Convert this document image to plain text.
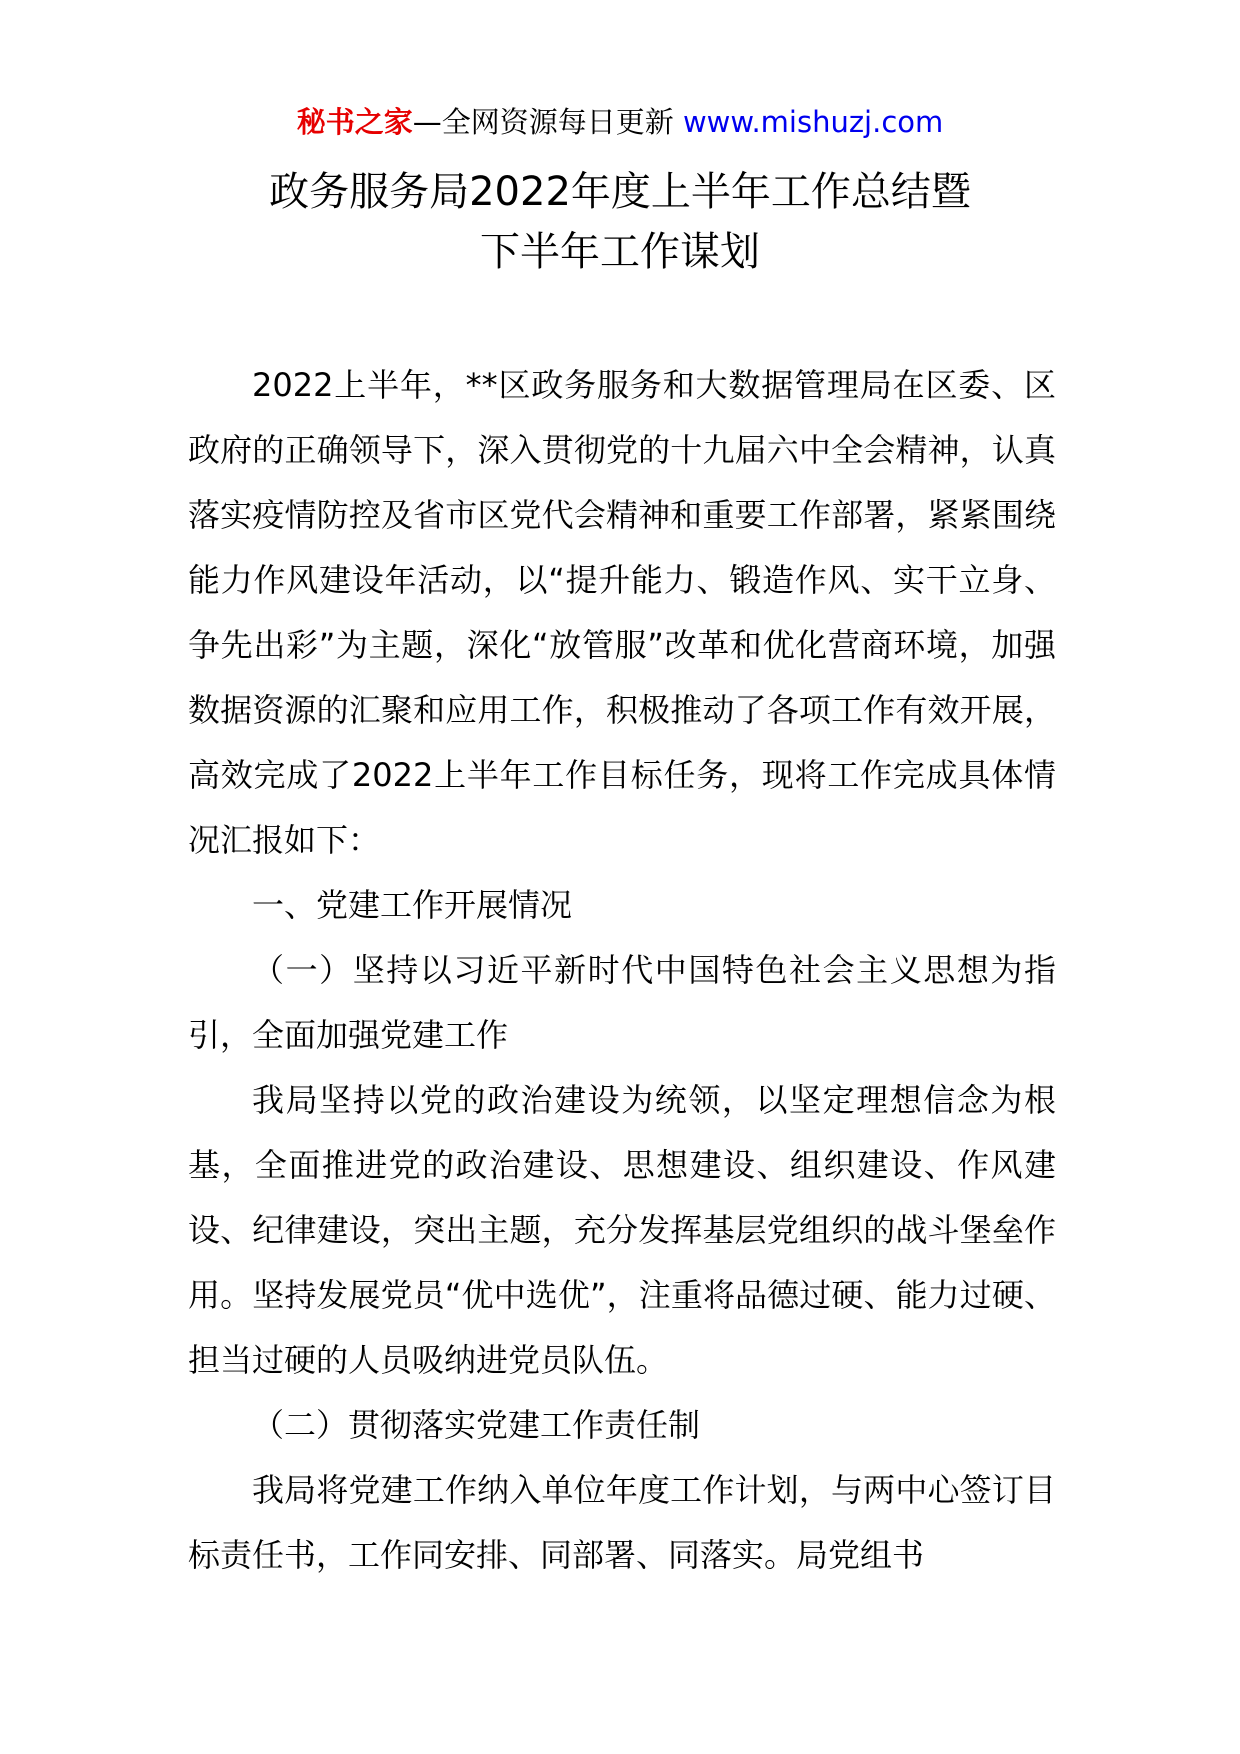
秘书之家—全网资源每日更新 www.mishuzj.com
政务服务局2022年度上半年工作总结暨
下半年工作谋划

2022上半年，**区政务服务和大数据管理局在区委、区政府的正确领导下，深入贯彻党的十九届六中全会精神，认真落实疫情防控及省市区党代会精神和重要工作部署，紧紧围绕能力作风建设年活动，以“提升能力、锻造作风、实干立身、争先出彩”为主题，深化“放管服”改革和优化营商环境，加强数据资源的汇聚和应用工作，积极推动了各项工作有效开展，高效完成了2022上半年工作目标任务，现将工作完成具体情况汇报如下：

一、党建工作开展情况

（一）坚持以习近平新时代中国特色社会主义思想为指引，全面加强党建工作

我局坚持以党的政治建设为统领，以坚定理想信念为根基，全面推进党的政治建设、思想建设、组织建设、作风建设、纪律建设，突出主题，充分发挥基层党组织的战斗堡垒作用。坚持发展党员“优中选优”，注重将品德过硬、能力过硬、担当过硬的人员吸纳进党员队伍。

（二）贯彻落实党建工作责任制

我局将党建工作纳入单位年度工作计划，与两中心签订目标责任书，工作同安排、同部署、同落实。局党组书
